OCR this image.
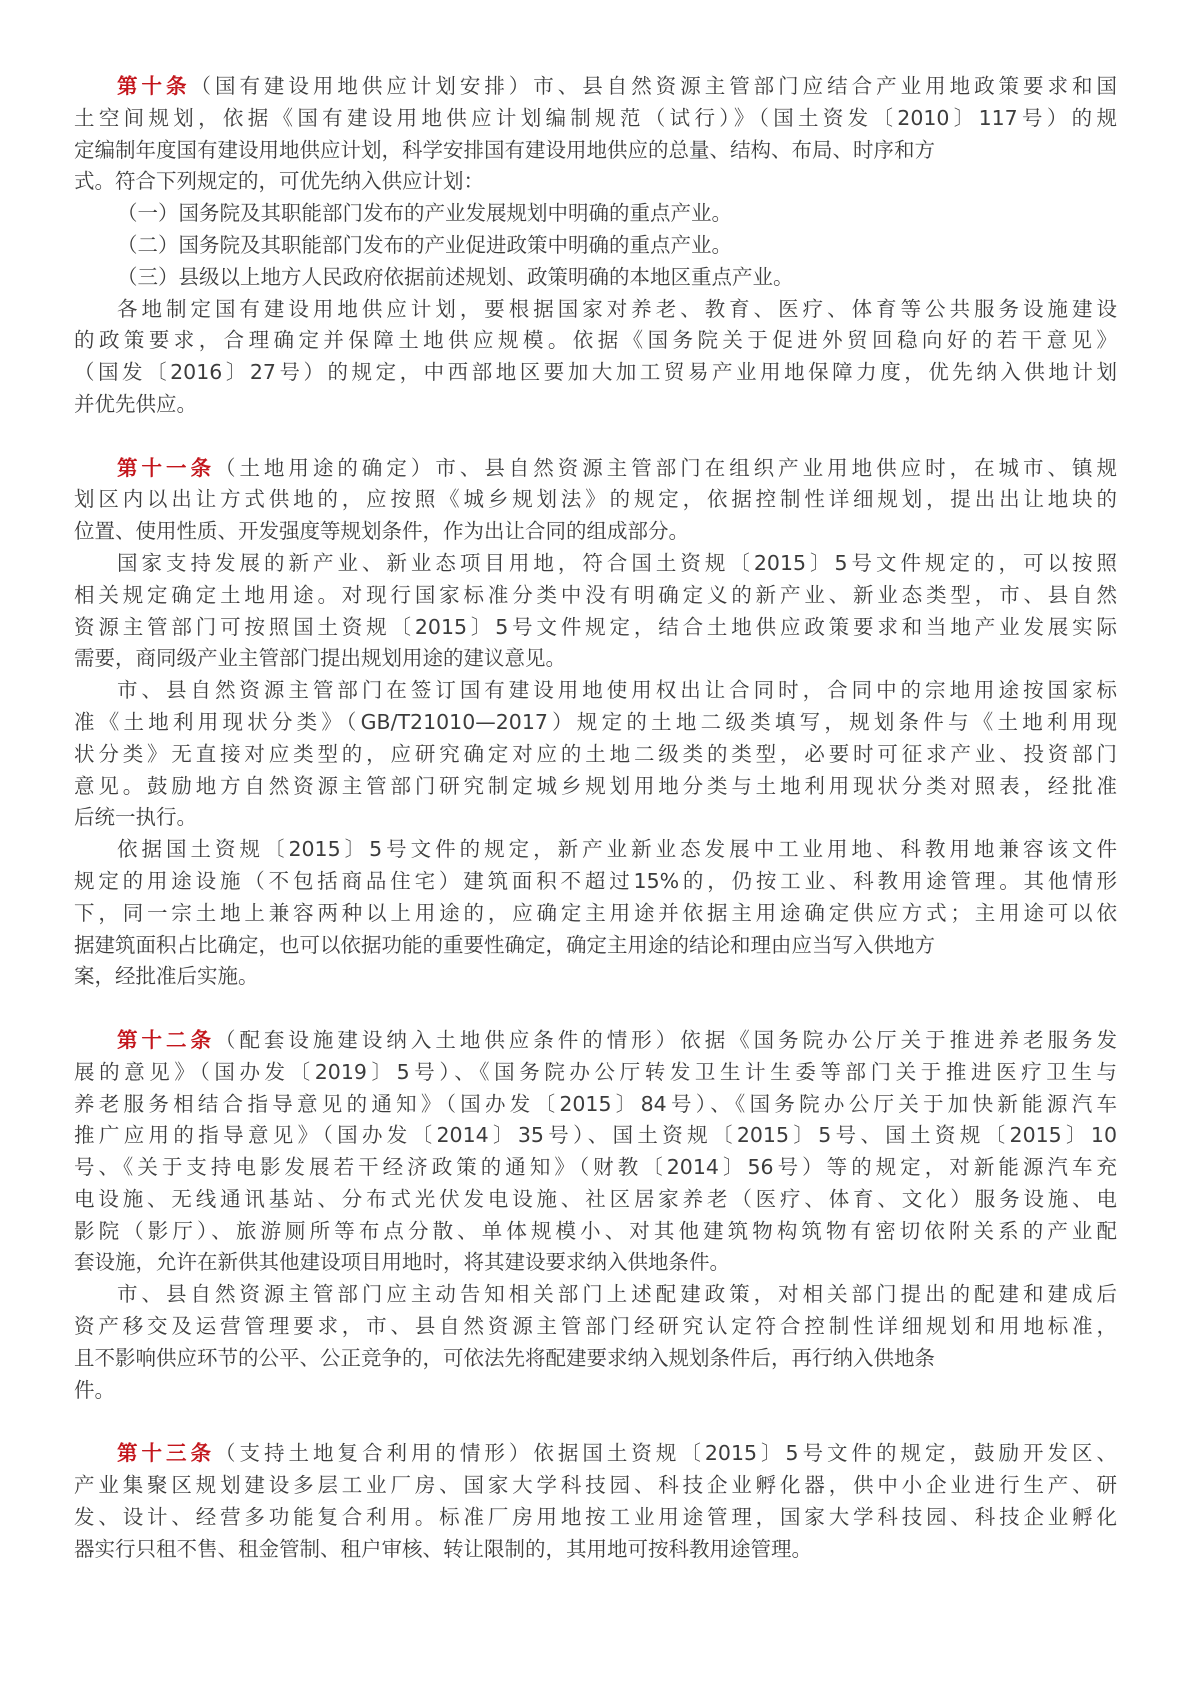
第十条（国有建设用地供应计划安排）市、县自然资源主管部门应结合产业用地政策要求和国
土空间规划，依据《国有建设用地供应计划编制规范（试行）》（国土资发〔2010〕117号）的规
定编制年度国有建设用地供应计划，科学安排国有建设用地供应的总量、结构、布局、时序和方
式。符合下列规定的，可优先纳入供应计划：
（一）国务院及其职能部门发布的产业发展规划中明确的重点产业。
（二）国务院及其职能部门发布的产业促进政策中明确的重点产业。
（三）县级以上地方人民政府依据前述规划、政策明确的本地区重点产业。
各地制定国有建设用地供应计划，要根据国家对养老、教育、医疗、体育等公共服务设施建设
的政策要求，合理确定并保障土地供应规模。依据《国务院关于促进外贸回稳向好的若干意见》
（国发〔2016〕27号）的规定，中西部地区要加大加工贸易产业用地保障力度，优先纳入供地计划
并优先供应。
第十一条（土地用途的确定）市、县自然资源主管部门在组织产业用地供应时，在城市、镇规
划区内以出让方式供地的，应按照《城乡规划法》的规定，依据控制性详细规划，提出出让地块的
位置、使用性质、开发强度等规划条件，作为出让合同的组成部分。
国家支持发展的新产业、新业态项目用地，符合国土资规〔2015〕5号文件规定的，可以按照
相关规定确定土地用途。对现行国家标准分类中没有明确定义的新产业、新业态类型，市、县自然
资源主管部门可按照国土资规〔2015〕5号文件规定，结合土地供应政策要求和当地产业发展实际
需要，商同级产业主管部门提出规划用途的建议意见。
市、县自然资源主管部门在签订国有建设用地使用权出让合同时，合同中的宗地用途按国家标
准《土地利用现状分类》（GB/T21010—2017）规定的土地二级类填写，规划条件与《土地利用现
状分类》无直接对应类型的，应研究确定对应的土地二级类的类型，必要时可征求产业、投资部门
意见。鼓励地方自然资源主管部门研究制定城乡规划用地分类与土地利用现状分类对照表，经批准
后统一执行。
依据国土资规〔2015〕5号文件的规定，新产业新业态发展中工业用地、科教用地兼容该文件
规定的用途设施（不包括商品住宅）建筑面积不超过15%的，仍按工业、科教用途管理。其他情形
下，同一宗土地上兼容两种以上用途的，应确定主用途并依据主用途确定供应方式；主用途可以依
据建筑面积占比确定，也可以依据功能的重要性确定，确定主用途的结论和理由应当写入供地方
案，经批准后实施。
第十二条（配套设施建设纳入土地供应条件的情形）依据《国务院办公厅关于推进养老服务发
展的意见》（国办发〔2019〕5号）、《国务院办公厅转发卫生计生委等部门关于推进医疗卫生与
养老服务相结合指导意见的通知》（国办发〔2015〕84号）、《国务院办公厅关于加快新能源汽车
推广应用的指导意见》（国办发〔2014〕35号）、国土资规〔2015〕5号、国土资规〔2015〕10
号、《关于支持电影发展若干经济政策的通知》（财教〔2014〕56号）等的规定，对新能源汽车充
电设施、无线通讯基站、分布式光伏发电设施、社区居家养老（医疗、体育、文化）服务设施、电
影院（影厅）、旅游厕所等布点分散、单体规模小、对其他建筑物构筑物有密切依附关系的产业配
套设施，允许在新供其他建设项目用地时，将其建设要求纳入供地条件。
市、县自然资源主管部门应主动告知相关部门上述配建政策，对相关部门提出的配建和建成后
资产移交及运营管理要求，市、县自然资源主管部门经研究认定符合控制性详细规划和用地标准，
且不影响供应环节的公平、公正竞争的，可依法先将配建要求纳入规划条件后，再行纳入供地条
件。
第十三条（支持土地复合利用的情形）依据国土资规〔2015〕5号文件的规定，鼓励开发区、
产业集聚区规划建设多层工业厂房、国家大学科技园、科技企业孵化器，供中小企业进行生产、研
发、设计、经营多功能复合利用。标准厂房用地按工业用途管理，国家大学科技园、科技企业孵化
器实行只租不售、租金管制、租户审核、转让限制的，其用地可按科教用途管理。
